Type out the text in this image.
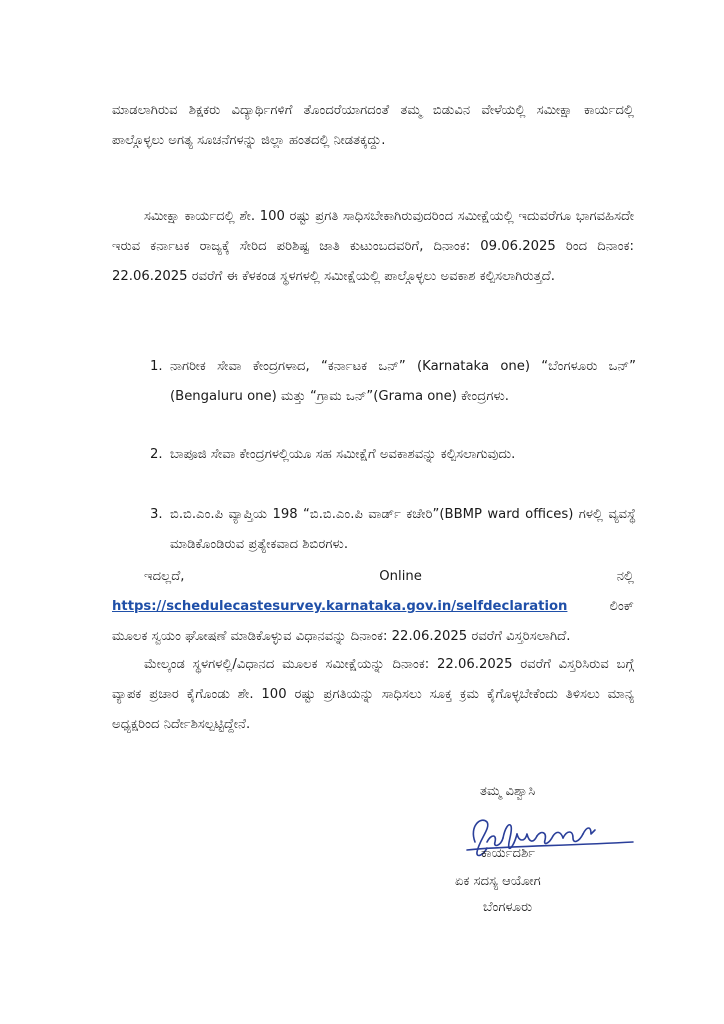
ಮಾಡಲಾಗಿರುವ ಶಿಕ್ಷಕರು ವಿದ್ಯಾರ್ಥಿಗಳಿಗೆ ತೊಂದರೆಯಾಗದಂತೆ ತಮ್ಮ ಬಿಡುವಿನ ವೇಳೆಯಲ್ಲಿ ಸಮೀಕ್ಷಾ ಕಾರ್ಯದಲ್ಲಿ ಪಾಲ್ಗೊಳ್ಳಲು ಅಗತ್ಯ ಸೂಚನೆಗಳನ್ನು ಜಿಲ್ಲಾ ಹಂತದಲ್ಲಿ ನೀಡತಕ್ಕದ್ದು.

ಸಮೀಕ್ಷಾ ಕಾರ್ಯದಲ್ಲಿ ಶೇ. 100 ರಷ್ಟು ಪ್ರಗತಿ ಸಾಧಿಸಬೇಕಾಗಿರುವುದರಿಂದ ಸಮೀಕ್ಷೆಯಲ್ಲಿ ಇದುವರೆಗೂ ಭಾಗವಹಿಸದೇ ಇರುವ ಕರ್ನಾಟಕ ರಾಜ್ಯಕ್ಕೆ ಸೇರಿದ ಪರಿಶಿಷ್ಟ ಜಾತಿ ಕುಟುಂಬದವರಿಗೆ, ದಿನಾಂಕ: 09.06.2025 ರಿಂದ ದಿನಾಂಕ: 22.06.2025 ರವರೆಗೆ ಈ ಕೆಳಕಂಡ ಸ್ಥಳಗಳಲ್ಲಿ ಸಮೀಕ್ಷೆಯಲ್ಲಿ ಪಾಲ್ಗೊಳ್ಳಲು ಅವಕಾಶ ಕಲ್ಪಿಸಲಾಗಿರುತ್ತದೆ.

1. ನಾಗರೀಕ ಸೇವಾ ಕೇಂದ್ರಗಳಾದ, “ಕರ್ನಾಟಕ ಒನ್” (Karnataka one) “ಬೆಂಗಳೂರು ಒನ್” (Bengaluru one) ಮತ್ತು “ಗ್ರಾಮ ಒನ್”(Grama one) ಕೇಂದ್ರಗಳು.
2. ಬಾಪೂಜಿ ಸೇವಾ ಕೇಂದ್ರಗಳಲ್ಲಿಯೂ ಸಹ ಸಮೀಕ್ಷೆಗೆ ಅವಕಾಶವನ್ನು ಕಲ್ಪಿಸಲಾಗುವುದು.
3. ಬಿ.ಬಿ.ಎಂ.ಪಿ ವ್ಯಾಪ್ತಿಯ 198 “ಬಿ.ಬಿ.ಎಂ.ಪಿ ವಾರ್ಡ್ ಕಚೇರಿ”(BBMP ward offices) ಗಳಲ್ಲಿ ವ್ಯವಸ್ಥೆ ಮಾಡಿಕೊಂಡಿರುವ ಪ್ರತ್ಯೇಕವಾದ ಶಿಬಿರಗಳು.

ಇದಲ್ಲದೆ, Online ನಲ್ಲಿ https://schedulecastesurvey.karnataka.gov.in/selfdeclaration	ಲಿಂಕ್ ಮೂಲಕ ಸ್ವಯಂ ಘೋಷಣೆ ಮಾಡಿಕೊಳ್ಳುವ ವಿಧಾನವನ್ನು ದಿನಾಂಕ: 22.06.2025 ರವರೆಗೆ ವಿಸ್ತರಿಸಲಾಗಿದೆ.

ಮೇಲ್ಕಂಡ ಸ್ಥಳಗಳಲ್ಲಿ/ವಿಧಾನದ ಮೂಲಕ ಸಮೀಕ್ಷೆಯನ್ನು ದಿನಾಂಕ: 22.06.2025 ರವರೆಗೆ ವಿಸ್ತರಿಸಿರುವ ಬಗ್ಗೆ ವ್ಯಾಪಕ ಪ್ರಚಾರ ಕೈಗೊಂಡು ಶೇ. 100 ರಷ್ಟು ಪ್ರಗತಿಯನ್ನು ಸಾಧಿಸಲು ಸೂಕ್ತ ಕ್ರಮ ಕೈಗೊಳ್ಳಬೇಕೆಂದು ತಿಳಿಸಲು ಮಾನ್ಯ ಅಧ್ಯಕ್ಷರಿಂದ ನಿರ್ದೇಶಿಸಲ್ಪಟ್ಟಿದ್ದೇನೆ.

ತಮ್ಮ ವಿಶ್ವಾಸಿ
ಕಾರ್ಯದರ್ಶಿ
ಏಕ ಸದಸ್ಯ ಆಯೋಗ
ಬೆಂಗಳೂರು
